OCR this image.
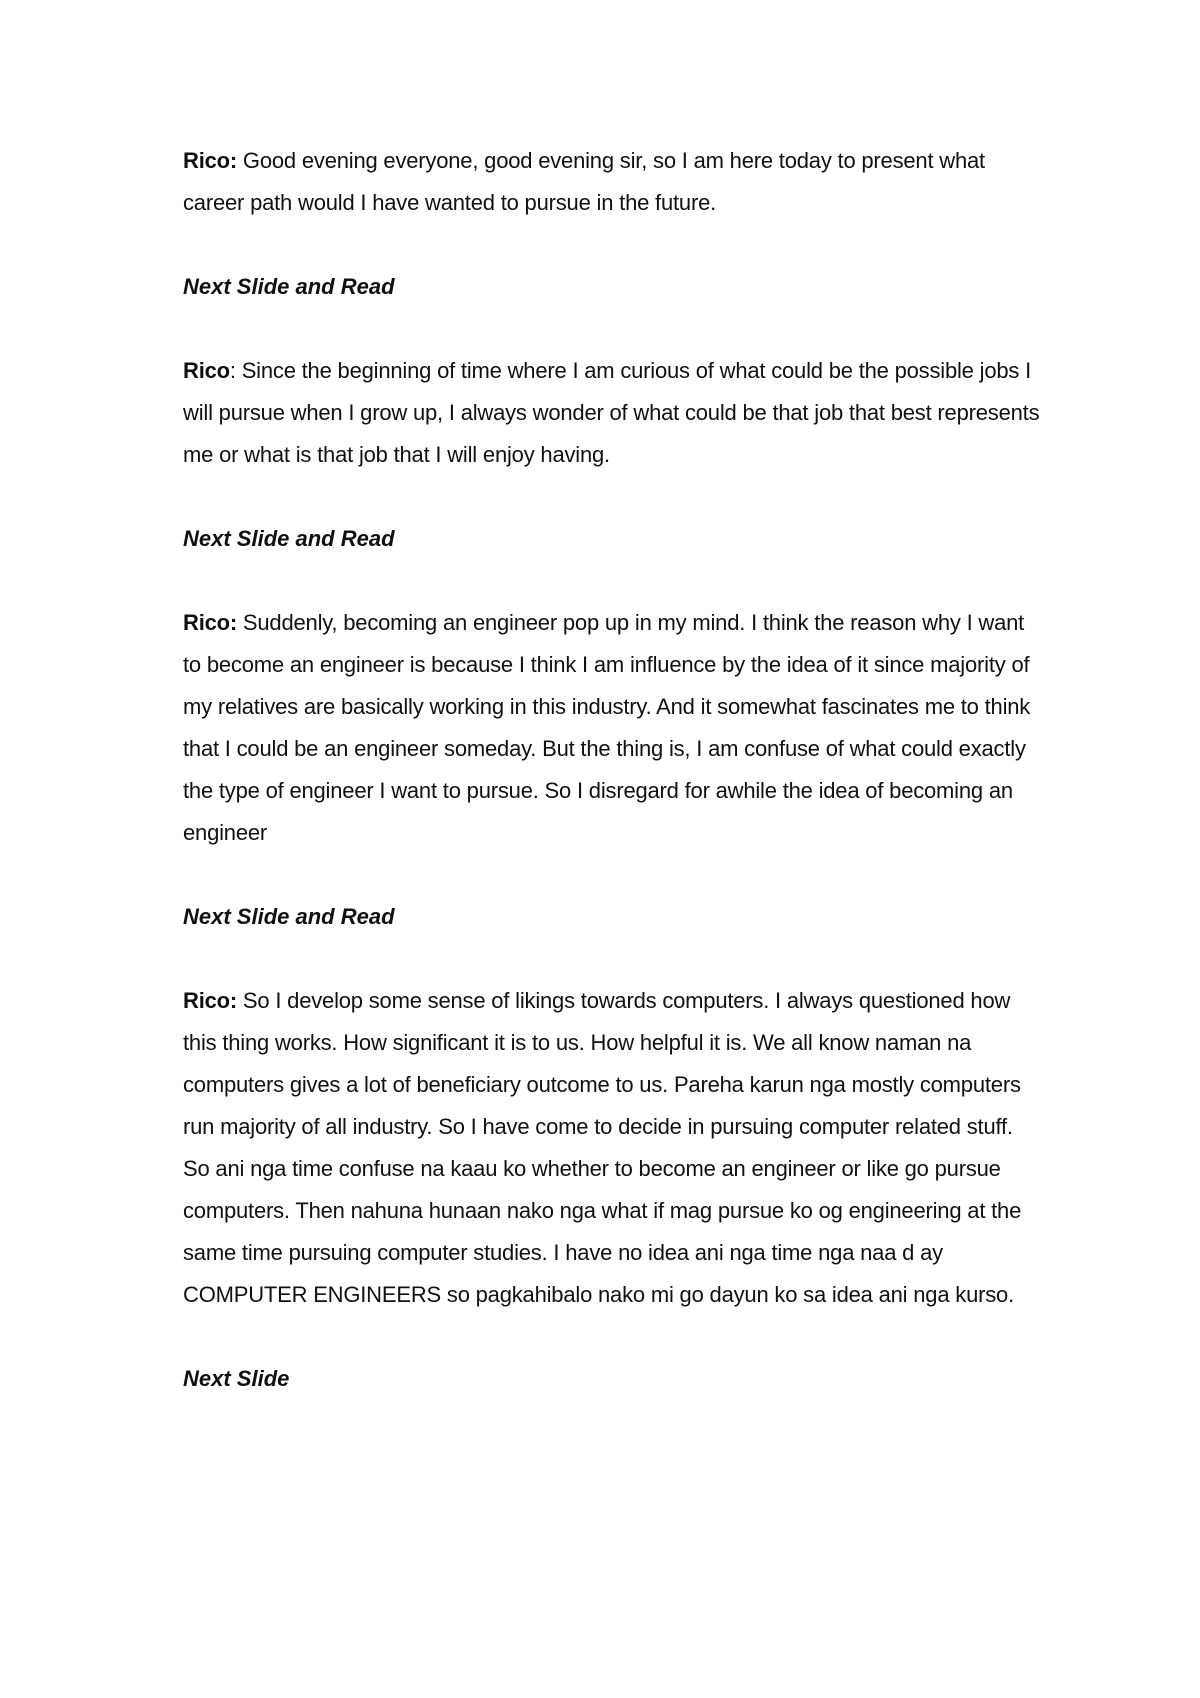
Rico: Good evening everyone, good evening sir, so I am here today to present what career path would I have wanted to pursue in the future.

Next Slide and Read

Rico: Since the beginning of time where I am curious of what could be the possible jobs I will pursue when I grow up, I always wonder of what could be that job that best represents me or what is that job that I will enjoy having.

Next Slide and Read

Rico: Suddenly, becoming an engineer pop up in my mind. I think the reason why I want to become an engineer is because I think I am influence by the idea of it since majority of my relatives are basically working in this industry. And it somewhat fascinates me to think that I could be an engineer someday. But the thing is, I am confuse of what could exactly the type of engineer I want to pursue. So I disregard for awhile the idea of becoming an engineer

Next Slide and Read

Rico: So I develop some sense of likings towards computers. I always questioned how this thing works. How significant it is to us. How helpful it is. We all know naman na computers gives a lot of beneficiary outcome to us. Pareha karun nga mostly computers run majority of all industry. So I have come to decide in pursuing computer related stuff. So ani nga time confuse na kaau ko whether to become an engineer or like go pursue computers. Then nahuna hunaan nako nga what if mag pursue ko og engineering at the same time pursuing computer studies. I have no idea ani nga time nga naa d ay COMPUTER ENGINEERS so pagkahibalo nako mi go dayun ko sa idea ani nga kurso.

Next Slide
